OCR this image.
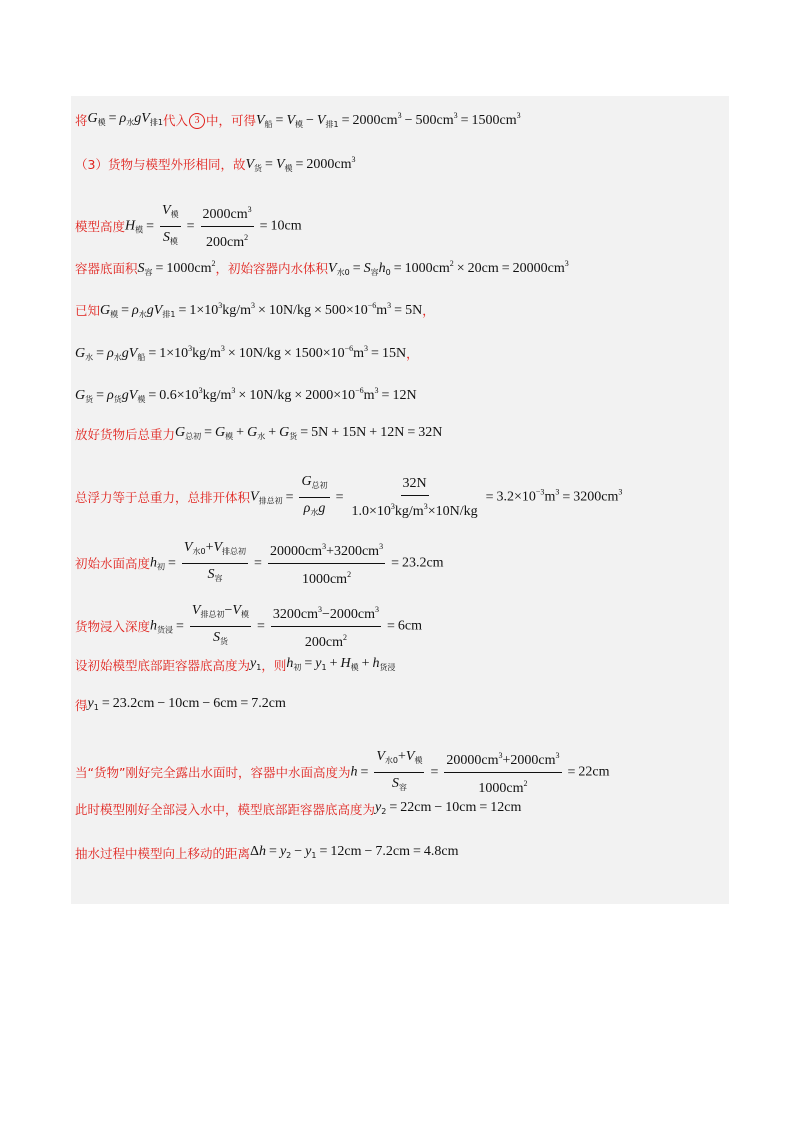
将 $G_模 = \rho_水gV_{排1}$ 代入 3 中，可得 $V_船 = V_模 - V_{排1} = 2000cm^3 - 500cm^3 = 1500cm^3$
（3）货物与模型外形相同，故 $V_货 = V_模 = 2000cm^3$
模型高度 $H_模 = \frac{V_模}{S_模} = \frac{2000cm^3}{200cm^2} = 10cm$
容器底面积 $S_容 = 1000cm^2$ ，初始容器内水体积 $V_{水0} = S_容h_0 = 1000cm^2 \times 20cm = 20000cm^3$
已知 $G_模 = \rho_水gV_{排1} = 1\times 10^3kg/m^3 \times 10N/kg \times 500\times 10^{-6}m^3 = 5N$ ，
$G_水 = \rho_水gV_船 = 1\times 10^3kg/m^3 \times 10N/kg \times 1500\times 10^{-6}m^3 = 15N$ ，
$G_货 = \rho_货gV_模 = 0.6\times 10^3kg/m^3 \times 10N/kg \times 2000\times 10^{-6}m^3 = 12N$
放好货物后总重力 $G_{总初} = G_模 + G_水 + G_货 = 5N + 15N + 12N = 32N$
总浮力等于总重力，总排开体积 $V_{排总初} = \frac{G_{总初}}{\rho_水g} = \frac{32N}{1.0\times 10^3kg/m^3\times 10N/kg} = 3.2\times 10^{-3}m^3 = 3200cm^3$
初始水面高度 $h_初 = \frac{V_{水0}+V_{排总初}}{S_容} = \frac{20000cm^3+3200cm^3}{1000cm^2} = 23.2cm$
货物浸入深度 $h_{货浸} = \frac{V_{排总初}-V_模}{S_货} = \frac{3200cm^3-2000cm^3}{200cm^2} = 6cm$
设初始模型底部距容器底高度为 $y_1$ ，则 $h_初 = y_1 + H_模 + h_{货浸}$
得 $y_1 = 23.2cm - 10cm - 6cm = 7.2cm$
当“货物”刚好完全露出水面时，容器中水面高度为 $h = \frac{V_{水0}+V_模}{S_容} = \frac{20000cm^3+2000cm^3}{1000cm^2} = 22cm$
此时模型刚好全部浸入水中，模型底部距容器底高度为 $y_2 = 22cm - 10cm = 12cm$
抽水过程中模型向上移动的距离 $\Delta h = y_2 - y_1 = 12cm - 7.2cm = 4.8cm$
